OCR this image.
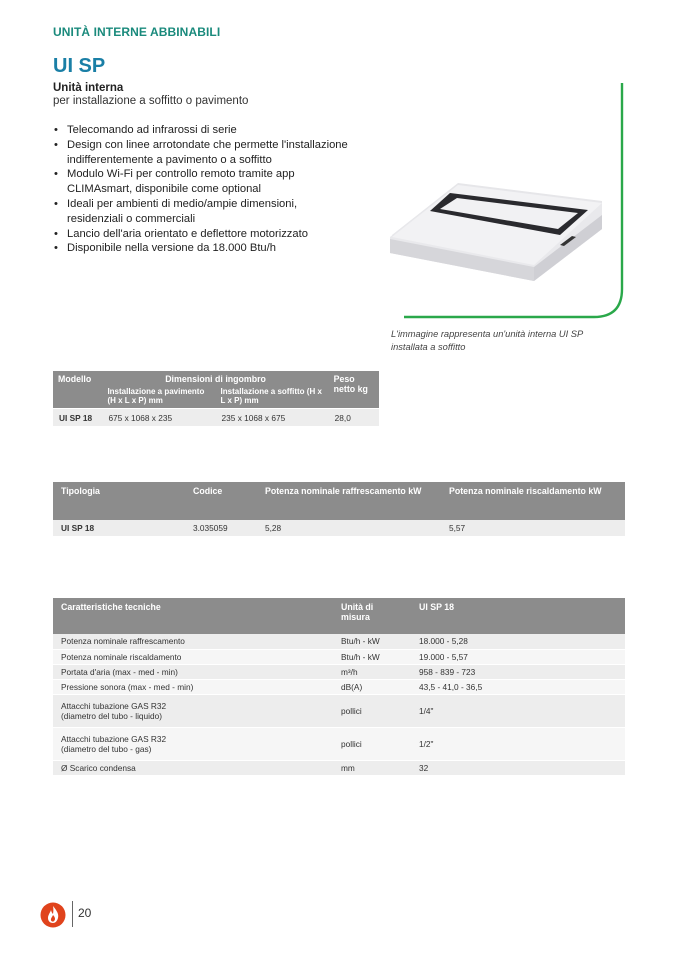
UNITÀ INTERNE ABBINABILI
UI SP
Unità interna
per installazione a soffitto o pavimento
• Telecomando ad infrarossi di serie
• Design con linee arrotondate che permette l'installazione indifferentemente a pavimento o a soffitto
• Modulo Wi-Fi per controllo remoto tramite app CLIMAsmart, disponibile come optional
• Ideali per ambienti di medio/ampie dimensioni, residenziali o commerciali
• Lancio dell'aria orientato e deflettore motorizzato
• Disponibile nella versione da 18.000 Btu/h
L'immagine rappresenta un'unità interna UI SP installata a soffitto
Modello	Dimensioni di ingombro		Peso netto kg
	Installazione a pavimento (H x L x P) mm	Installazione a soffitto (H x L x P) mm	
UI SP 18	675 x 1068 x 235	235 x 1068 x 675	28,0
Tipologia	Codice	Potenza nominale raffrescamento kW	Potenza nominale riscaldamento kW
UI SP 18	3.035059	5,28	5,57
Caratteristiche tecniche	Unità di misura	UI SP 18
Potenza nominale raffrescamento	Btu/h - kW	18.000 - 5,28
Potenza nominale riscaldamento	Btu/h - kW	19.000 - 5,57
Portata d'aria (max - med - min)	m³/h	958 - 839 - 723
Pressione sonora (max - med - min)	dB(A)	43,5 - 41,0 - 36,5
Attacchi tubazione GAS R32
(diametro del tubo - liquido)	pollici	1/4"
Attacchi tubazione GAS R32
(diametro del tubo - gas)	pollici	1/2"
Ø Scarico condensa	mm	32
20
